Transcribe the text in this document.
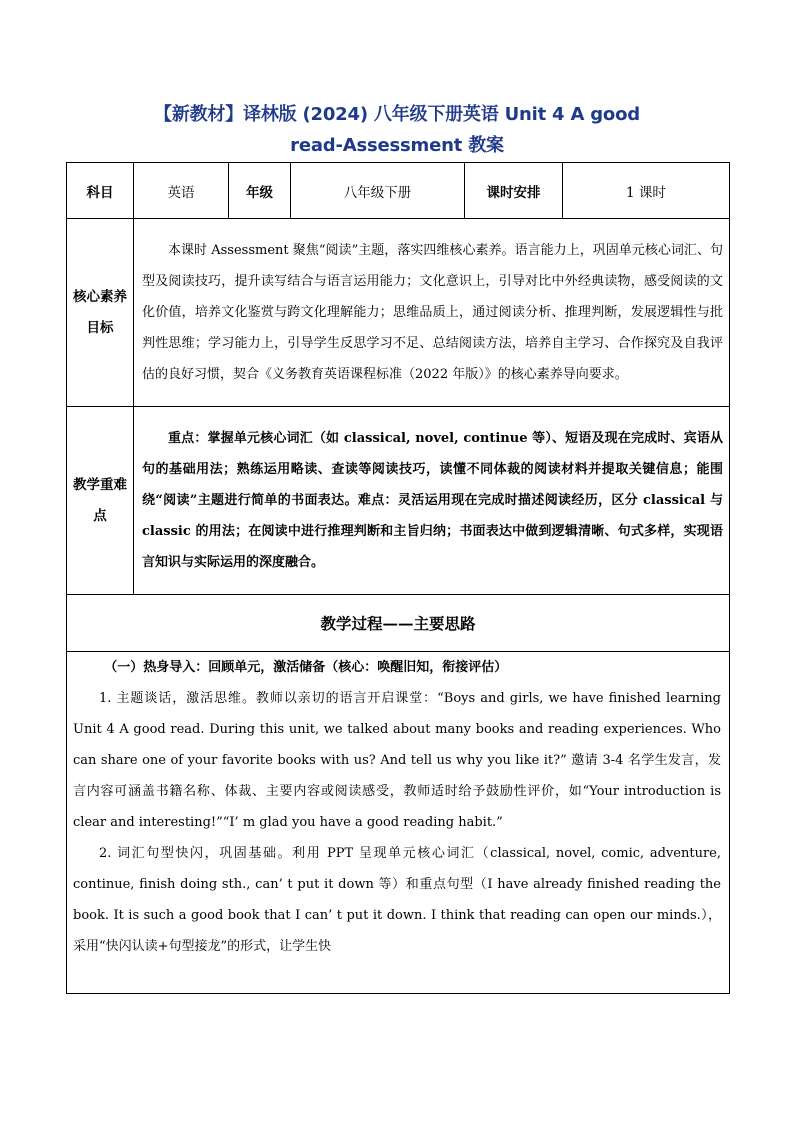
【新教材】译林版 (2024) 八年级下册英语 Unit 4 A good
read-Assessment 教案
科目	英语	年级	八年级下册	课时安排	1 课时
核心素养目标	本课时 Assessment 聚焦“阅读”主题，落实四维核心素养。语言能力上，巩固单元核心词汇、句型及阅读技巧，提升读写结合与语言运用能力；文化意识上，引导对比中外经典读物，感受阅读的文化价值，培养文化鉴赏与跨文化理解能力；思维品质上，通过阅读分析、推理判断，发展逻辑性与批判性思维；学习能力上，引导学生反思学习不足、总结阅读方法，培养自主学习、合作探究及自我评估的良好习惯，契合《义务教育英语课程标准（2022 年版）》的核心素养导向要求。				
教学重难点	重点：掌握单元核心词汇（如 classical, novel, continue 等）、短语及现在完成时、宾语从句的基础用法；熟练运用略读、查读等阅读技巧，读懂不同体裁的阅读材料并提取关键信息；能围绕“阅读”主题进行简单的书面表达。难点：灵活运用现在完成时描述阅读经历，区分 classical 与 classic 的用法；在阅读中进行推理判断和主旨归纳；书面表达中做到逻辑清晰、句式多样，实现语言知识与实际运用的深度融合。				
教学过程——主要思路					

（一）热身导入：回顾单元，激活储备（核心：唤醒旧知，衔接评估）

1. 主题谈话，激活思维。教师以亲切的语言开启课堂：“Boys and girls, we have finished learning Unit 4 A good read. During this unit, we talked about many books and reading experiences. Who can share one of your favorite books with us? And tell us why you like it?” 邀请 3-4 名学生发言，发言内容可涵盖书籍名称、体裁、主要内容或阅读感受，教师适时给予鼓励性评价，如“Your introduction is clear and interesting!”“I’ m glad you have a good reading habit.”

2. 词汇句型快闪，巩固基础。利用 PPT 呈现单元核心词汇（classical, novel, comic, adventure, continue, finish doing sth., can’ t put it down 等）和重点句型（I have already finished reading the book. It is such a good book that I can’ t put it down. I think that reading can open our minds.），采用“快闪认读+句型接龙”的形式，让学生快					
